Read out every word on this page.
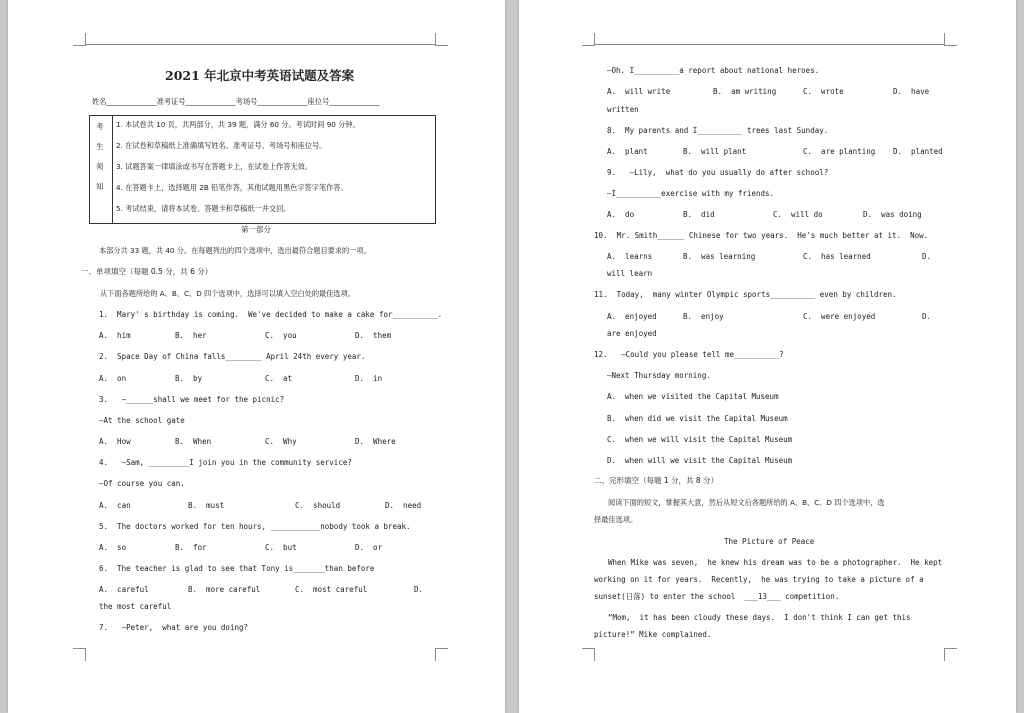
2021 年北京中考英语试题及答案
姓名______________准考证号______________考场号______________座位号______________
考
生
须
知
1. 本试卷共 10 页，共两部分，共 39 题，满分 60 分。考试时间 90 分钟。
2. 在试卷和草稿纸上准确填写姓名、准考证号、考场号和座位号。
3. 试题答案一律填涂或书写在答题卡上，在试卷上作答无效。
4. 在答题卡上，选择题用 2B 铅笔作答，其他试题用黑色字签字笔作答。
5. 考试结束，请将本试卷、答题卡和草稿纸一并交回。
第一部分
本部分共 33 题，共 40 分。在每题列出的四个选项中，选出最符合题目要求的一项。
一、单项填空（每题 0.5 分，共 6 分）
从下面各题所给的 A、B、C、D 四个选项中，选择可以填入空白处的最佳选项。
1.  Mary' s birthday is coming.  We've decided to make a cake for__________.
A.  him	B.  her	C.  you	D.  them
2.  Space Day of China falls________ April 24th every year.
A.  on	B.  by	C.  at	D.  in
3.   —______shall we meet for the picnic?
—At the school gate
A.  How	B.  When	C.  Why	D.  Where
4.   —Sam, _________I join you in the community service?
—Of course you can.
A.  can	B.  must	C.  should	D.  need
5.  The doctors worked for ten hours, ___________nobody took a break.
A.  so	B.  for	C.  but	D.  or
6.  The teacher is glad to see that Tony is_______than before
A.  careful	B.  more careful	C.  most careful	D.
the most careful
7.   —Peter,  what are you doing?
—Oh. I__________a report about national heroes.
A.  will write	B.  am writing	C.  wrote	D.  have
written
8.  My parents and I__________ trees last Sunday.
A.  plant	B.  will plant	C.  are planting D.  planted
9.   —Lily,  what do you usually do after school?
—I__________exercise with my friends.
A.  do	B.  did	C.  will do	D.  was doing
10.  Mr. Smith______ Chinese for two years.  He's much better at it.  Now.
A.  learns	B.  was learning	C.  has learned	D.
will learn
11.  Today,  many winter Olympic sports__________ even by children.
A.  enjoyed	B.  enjoy	C.  were enjoyed	D.
are enjoyed
12.   —Could you please tell me__________?
—Next Thursday morning.
A.  when we visited the Capital Museum
B.  when did we visit the Capital Museum
C.  when we will visit the Capital Museum
D.  when will we visit the Capital Museum
二、完形填空（每题 1 分，共 8 分）
阅读下面的短文，掌握其大意，然后从短文后各题所给的 A、B、C、D 四个选项中，选
择最佳选项。
The Picture of Peace
When Mike was seven,  he knew his dream was to be a photographer.  He kept
working on it for years.  Recently,  he was trying to take a picture of a
sunset(日落) to enter the school  ___13___ competition.
“Mom,  it has been cloudy these days.  I don't think I can get this
picture!” Mike complained.
